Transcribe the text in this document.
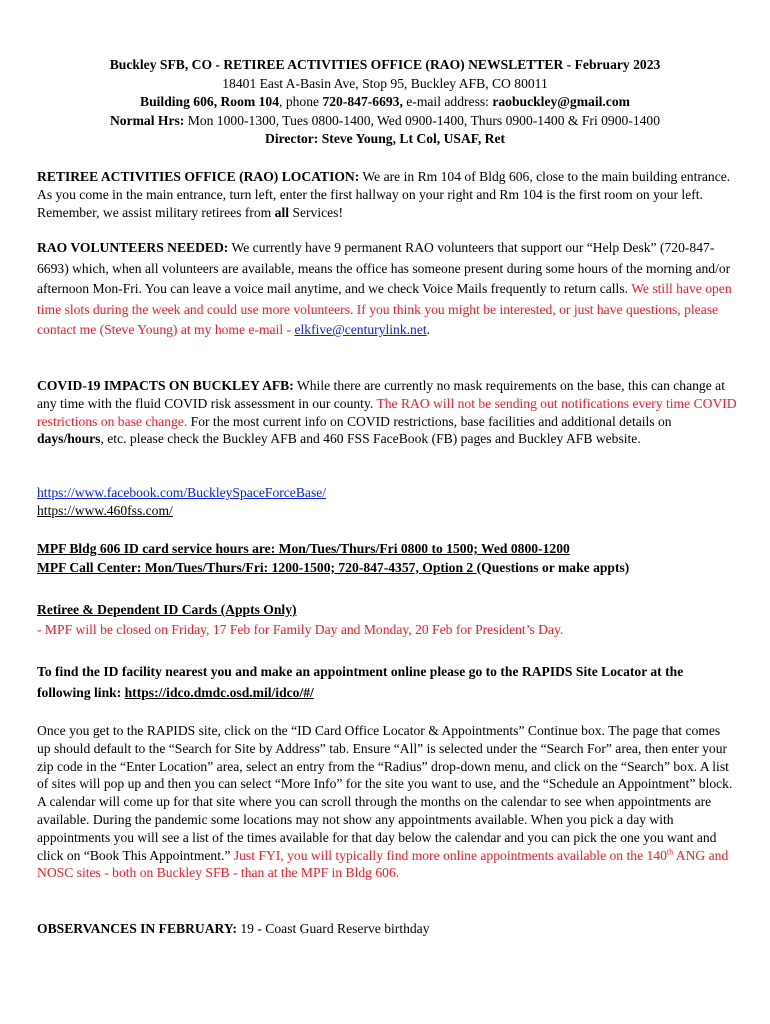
Buckley SFB, CO - RETIREE ACTIVITIES OFFICE (RAO) NEWSLETTER - February 2023
18401 East A-Basin Ave, Stop 95, Buckley AFB, CO 80011
Building 606, Room 104, phone 720-847-6693, e-mail address: raobuckley@gmail.com
Normal Hrs: Mon 1000-1300, Tues 0800-1400, Wed 0900-1400, Thurs 0900-1400 & Fri 0900-1400
Director: Steve Young, Lt Col, USAF, Ret
RETIREE ACTIVITIES OFFICE (RAO) LOCATION: We are in Rm 104 of Bldg 606, close to the main building entrance. As you come in the main entrance, turn left, enter the first hallway on your right and Rm 104 is the first room on your left. Remember, we assist military retirees from all Services!
RAO VOLUNTEERS NEEDED: We currently have 9 permanent RAO volunteers that support our “Help Desk” (720-847-6693) which, when all volunteers are available, means the office has someone present during some hours of the morning and/or afternoon Mon-Fri. You can leave a voice mail anytime, and we check Voice Mails frequently to return calls. We still have open time slots during the week and could use more volunteers. If you think you might be interested, or just have questions, please contact me (Steve Young) at my home e-mail - elkfive@centurylink.net.
COVID-19 IMPACTS ON BUCKLEY AFB: While there are currently no mask requirements on the base, this can change at any time with the fluid COVID risk assessment in our county. The RAO will not be sending out notifications every time COVID restrictions on base change. For the most current info on COVID restrictions, base facilities and additional details on days/hours, etc. please check the Buckley AFB and 460 FSS FaceBook (FB) pages and Buckley AFB website.
https://www.facebook.com/BuckleySpaceForceBase/
https://www.460fss.com/
MPF Bldg 606 ID card service hours are: Mon/Tues/Thurs/Fri 0800 to 1500; Wed 0800-1200
MPF Call Center: Mon/Tues/Thurs/Fri: 1200-1500; 720-847-4357, Option 2 (Questions or make appts)
Retiree & Dependent ID Cards (Appts Only)
- MPF will be closed on Friday, 17 Feb for Family Day and Monday, 20 Feb for President’s Day.
To find the ID facility nearest you and make an appointment online please go to the RAPIDS Site Locator at the following link: https://idco.dmdc.osd.mil/idco/#/
Once you get to the RAPIDS site, click on the “ID Card Office Locator & Appointments” Continue box. The page that comes up should default to the “Search for Site by Address” tab. Ensure “All” is selected under the “Search For” area, then enter your zip code in the “Enter Location” area, select an entry from the “Radius” drop-down menu, and click on the “Search” box. A list of sites will pop up and then you can select “More Info” for the site you want to use, and the “Schedule an Appointment” block. A calendar will come up for that site where you can scroll through the months on the calendar to see when appointments are available. During the pandemic some locations may not show any appointments available. When you pick a day with appointments you will see a list of the times available for that day below the calendar and you can pick the one you want and click on “Book This Appointment.” Just FYI, you will typically find more online appointments available on the 140th ANG and NOSC sites - both on Buckley SFB - than at the MPF in Bldg 606.
OBSERVANCES IN FEBRUARY: 19 - Coast Guard Reserve birthday
